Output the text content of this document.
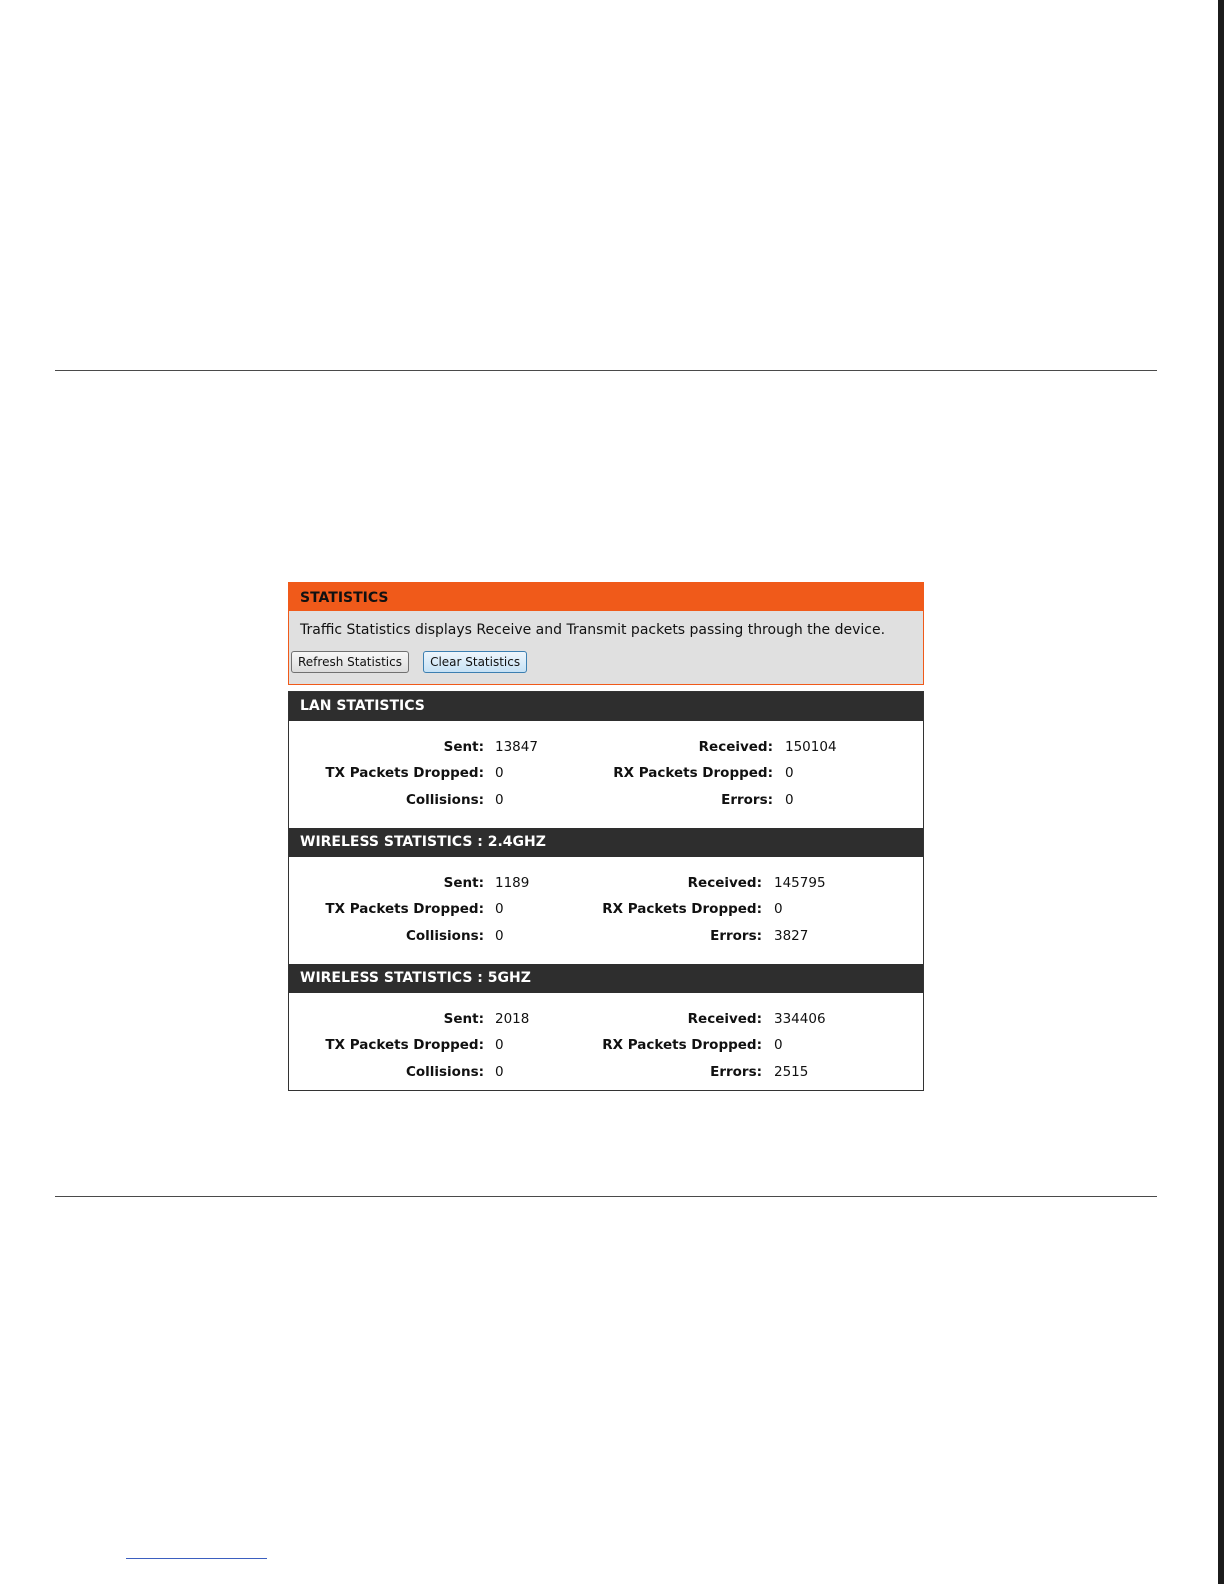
STATISTICS
Traffic Statistics displays Receive and Transmit packets passing through the device.
Refresh Statistics Clear Statistics
LAN STATISTICS
Sent: 13847	Received: 150104
TX Packets Dropped: 0	RX Packets Dropped: 0
Collisions: 0	Errors: 0
WIRELESS STATISTICS : 2.4GHZ
Sent: 1189	Received: 145795
TX Packets Dropped: 0	RX Packets Dropped: 0
Collisions: 0	Errors: 3827
WIRELESS STATISTICS : 5GHZ
Sent: 2018	Received: 334406
TX Packets Dropped: 0	RX Packets Dropped: 0
Collisions: 0	Errors: 2515
